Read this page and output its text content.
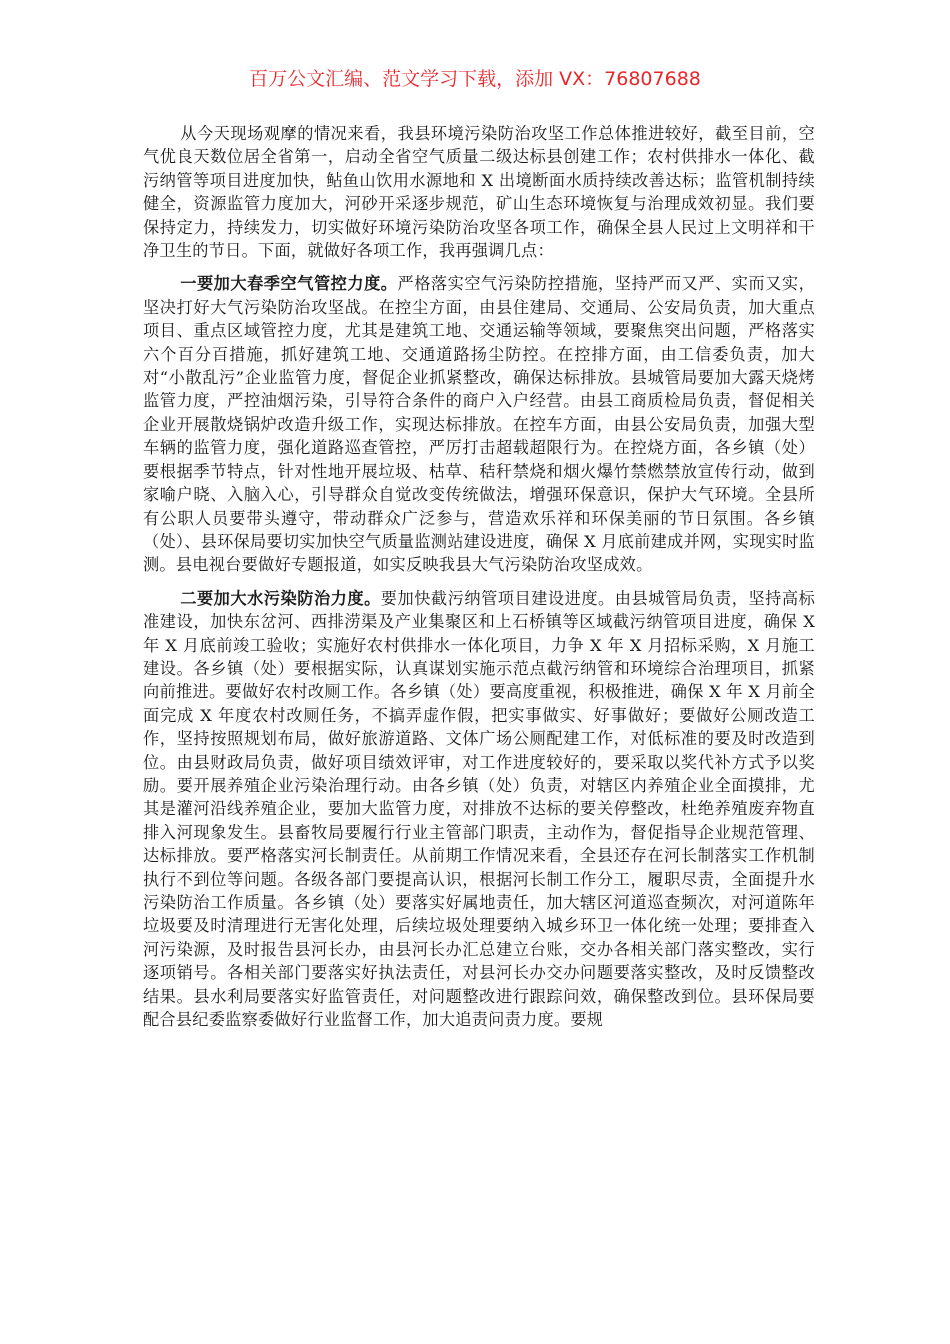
百万公文汇编、范文学习下载，添加 VX：76807688

从今天现场观摩的情况来看，我县环境污染防治攻坚工作总体推进较好，截至目前，空气优良天数位居全省第一，启动全省空气质量二级达标县创建工作；农村供排水一体化、截污纳管等项目进度加快，鲇鱼山饮用水源地和 X 出境断面水质持续改善达标；监管机制持续健全，资源监管力度加大，河砂开采逐步规范，矿山生态环境恢复与治理成效初显。我们要保持定力，持续发力，切实做好环境污染防治攻坚各项工作，确保全县人民过上文明祥和干净卫生的节日。下面，就做好各项工作，我再强调几点：

一要加大春季空气管控力度。严格落实空气污染防控措施，坚持严而又严、实而又实，坚决打好大气污染防治攻坚战。在控尘方面，由县住建局、交通局、公安局负责，加大重点项目、重点区域管控力度，尤其是建筑工地、交通运输等领域，要聚焦突出问题，严格落实六个百分百措施，抓好建筑工地、交通道路扬尘防控。在控排方面，由工信委负责，加大对“小散乱污”企业监管力度，督促企业抓紧整改，确保达标排放。县城管局要加大露天烧烤监管力度，严控油烟污染，引导符合条件的商户入户经营。由县工商质检局负责，督促相关企业开展散烧锅炉改造升级工作，实现达标排放。在控车方面，由县公安局负责，加强大型车辆的监管力度，强化道路巡查管控，严厉打击超载超限行为。在控烧方面，各乡镇（处）要根据季节特点，针对性地开展垃圾、枯草、秸秆禁烧和烟火爆竹禁燃禁放宣传行动，做到家喻户晓、入脑入心，引导群众自觉改变传统做法，增强环保意识，保护大气环境。全县所有公职人员要带头遵守，带动群众广泛参与，营造欢乐祥和环保美丽的节日氛围。各乡镇（处）、县环保局要切实加快空气质量监测站建设进度，确保 X 月底前建成并网，实现实时监测。县电视台要做好专题报道，如实反映我县大气污染防治攻坚成效。

二要加大水污染防治力度。要加快截污纳管项目建设进度。由县城管局负责，坚持高标准建设，加快东岔河、西排涝渠及产业集聚区和上石桥镇等区域截污纳管项目进度，确保 X 年 X 月底前竣工验收；实施好农村供排水一体化项目，力争 X 年 X 月招标采购，X 月施工建设。各乡镇（处）要根据实际，认真谋划实施示范点截污纳管和环境综合治理项目，抓紧向前推进。要做好农村改厕工作。各乡镇（处）要高度重视，积极推进，确保 X 年 X 月前全面完成 X 年度农村改厕任务，不搞弄虚作假，把实事做实、好事做好；要做好公厕改造工作，坚持按照规划布局，做好旅游道路、文体广场公厕配建工作，对低标准的要及时改造到位。由县财政局负责，做好项目绩效评审，对工作进度较好的，要采取以奖代补方式予以奖励。要开展养殖企业污染治理行动。由各乡镇（处）负责，对辖区内养殖企业全面摸排，尤其是灌河沿线养殖企业，要加大监管力度，对排放不达标的要关停整改，杜绝养殖废弃物直排入河现象发生。县畜牧局要履行行业主管部门职责，主动作为，督促指导企业规范管理、达标排放。要严格落实河长制责任。从前期工作情况来看，全县还存在河长制落实工作机制执行不到位等问题。各级各部门要提高认识，根据河长制工作分工，履职尽责，全面提升水污染防治工作质量。各乡镇（处）要落实好属地责任，加大辖区河道巡查频次，对河道陈年垃圾要及时清理进行无害化处理，后续垃圾处理要纳入城乡环卫一体化统一处理；要排查入河污染源，及时报告县河长办，由县河长办汇总建立台账，交办各相关部门落实整改，实行逐项销号。各相关部门要落实好执法责任，对县河长办交办问题要落实整改，及时反馈整改结果。县水利局要落实好监管责任，对问题整改进行跟踪问效，确保整改到位。县环保局要配合县纪委监察委做好行业监督工作，加大追责问责力度。要规
